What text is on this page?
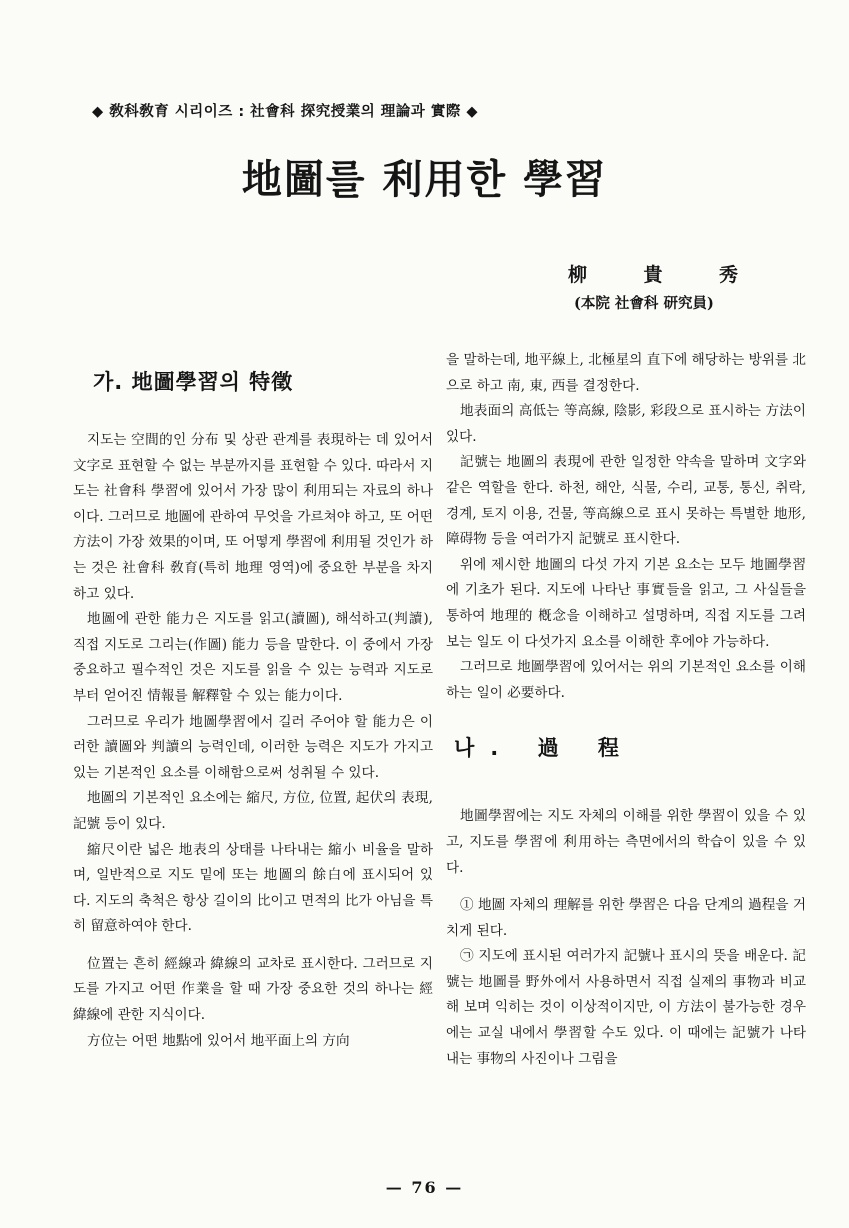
◆ 敎科敎育 시리이즈 : 社會科 探究授業의 理論과 實際 ◆
地圖를 利用한 學習
柳	貴	秀
(本院 社會科 研究員)
가. 地圖學習의 特徵

지도는 空間的인 分布 및 상관 관계를 表現하는 데 있어서 文字로 표현할 수 없는 부분까지를 표현할 수 있다. 따라서 지도는 社會科 學習에 있어서 가장 많이 利用되는 자료의 하나이다. 그러므로 地圖에 관하여 무엇을 가르쳐야 하고, 또 어떤 方法이 가장 效果的이며, 또 어떻게 學習에 利用될 것인가 하는 것은 社會科 敎育(특히 地理 영역)에 중요한 부분을 차지하고 있다.

地圖에 관한 能力은 지도를 읽고(讀圖), 해석하고(判讀), 직접 지도로 그리는(作圖) 能力 등을 말한다. 이 중에서 가장 중요하고 필수적인 것은 지도를 읽을 수 있는 능력과 지도로부터 얻어진 情報를 解釋할 수 있는 能力이다.

그러므로 우리가 地圖學習에서 길러 주어야 할 能力은 이러한 讀圖와 判讀의 능력인데, 이러한 능력은 지도가 가지고 있는 기본적인 요소를 이해함으로써 성취될 수 있다.

地圖의 기본적인 요소에는 縮尺, 方位, 位置, 起伏의 表現, 記號 등이 있다.

縮尺이란 넓은 地表의 상태를 나타내는 縮小 비율을 말하며, 일반적으로 지도 밑에 또는 地圖의 餘白에 표시되어 있다. 지도의 축척은 항상 길이의 比이고 면적의 比가 아님을 특히 留意하여야 한다.

位置는 흔히 經線과 緯線의 교차로 표시한다. 그러므로 지도를 가지고 어떤 作業을 할 때 가장 중요한 것의 하나는 經緯線에 관한 지식이다.

方位는 어떤 地點에 있어서 地平面上의 方向

을 말하는데, 地平線上, 北極星의 直下에 해당하는 방위를 北으로 하고 南, 東, 西를 결정한다.

地表面의 高低는 等高線, 陰影, 彩段으로 표시하는 方法이 있다.

記號는 地圖의 表現에 관한 일정한 약속을 말하며 文字와 같은 역할을 한다. 하천, 해안, 식물, 수리, 교통, 통신, 취락, 경계, 토지 이용, 건물, 等高線으로 표시 못하는 특별한 地形, 障碍物 등을 여러가지 記號로 표시한다.

위에 제시한 地圖의 다섯 가지 기본 요소는 모두 地圖學習에 기초가 된다. 지도에 나타난 事實들을 읽고, 그 사실들을 통하여 地理的 槪念을 이해하고 설명하며, 직접 지도를 그려보는 일도 이 다섯가지 요소를 이해한 후에야 가능하다.

그러므로 地圖學習에 있어서는 위의 기본적인 요소를 이해하는 일이 必要하다.

나. 過 程

地圖學習에는 지도 자체의 이해를 위한 學習이 있을 수 있고, 지도를 學習에 利用하는 측면에서의 학습이 있을 수 있다.

① 地圖 자체의 理解를 위한 學習은 다음 단계의 過程을 거치게 된다.

㉠ 지도에 표시된 여러가지 記號나 표시의 뜻을 배운다. 記號는 地圖를 野外에서 사용하면서 직접 실제의 事物과 비교해 보며 익히는 것이 이상적이지만, 이 方法이 불가능한 경우에는 교실 내에서 學習할 수도 있다. 이 때에는 記號가 나타내는 事物의 사진이나 그림을

— 76 —
